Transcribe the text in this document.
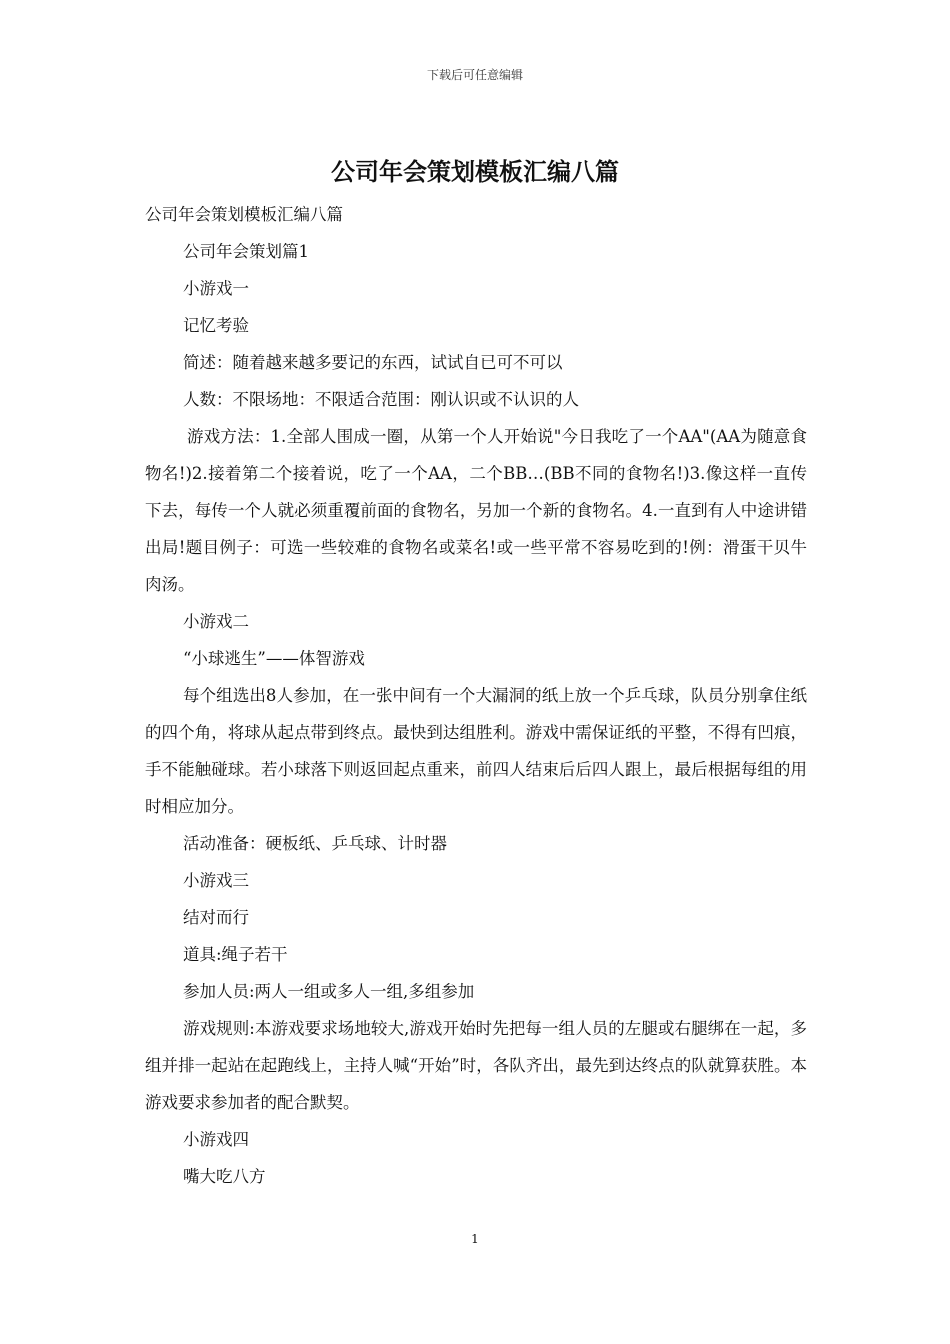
下载后可任意编辑
公司年会策划模板汇编八篇

公司年会策划模板汇编八篇

公司年会策划篇1

小游戏一

记忆考验

简述：随着越来越多要记的东西，试试自已可不可以

人数：不限场地：不限适合范围：刚认识或不认识的人

游戏方法：1.全部人围成一圈，从第一个人开始说"今日我吃了一个AA"(AA为随意食物名!)2.接着第二个接着说，吃了一个AA，二个BB…(BB不同的食物名!)3.像这样一直传下去，每传一个人就必须重覆前面的食物名，另加一个新的食物名。4.一直到有人中途讲错出局!题目例子：可选一些较难的食物名或菜名!或一些平常不容易吃到的!例：滑蛋干贝牛肉汤。

小游戏二

“小球逃生”——体智游戏

每个组选出8人参加，在一张中间有一个大漏洞的纸上放一个乒乓球，队员分别拿住纸的四个角，将球从起点带到终点。最快到达组胜利。游戏中需保证纸的平整，不得有凹痕，手不能触碰球。若小球落下则返回起点重来，前四人结束后后四人跟上，最后根据每组的用时相应加分。

活动准备：硬板纸、乒乓球、计时器

小游戏三

结对而行

道具:绳子若干

参加人员:两人一组或多人一组,多组参加

游戏规则:本游戏要求场地较大,游戏开始时先把每一组人员的左腿或右腿绑在一起，多组并排一起站在起跑线上，主持人喊“开始”时，各队齐出，最先到达终点的队就算获胜。本游戏要求参加者的配合默契。

小游戏四

嘴大吃八方

1
